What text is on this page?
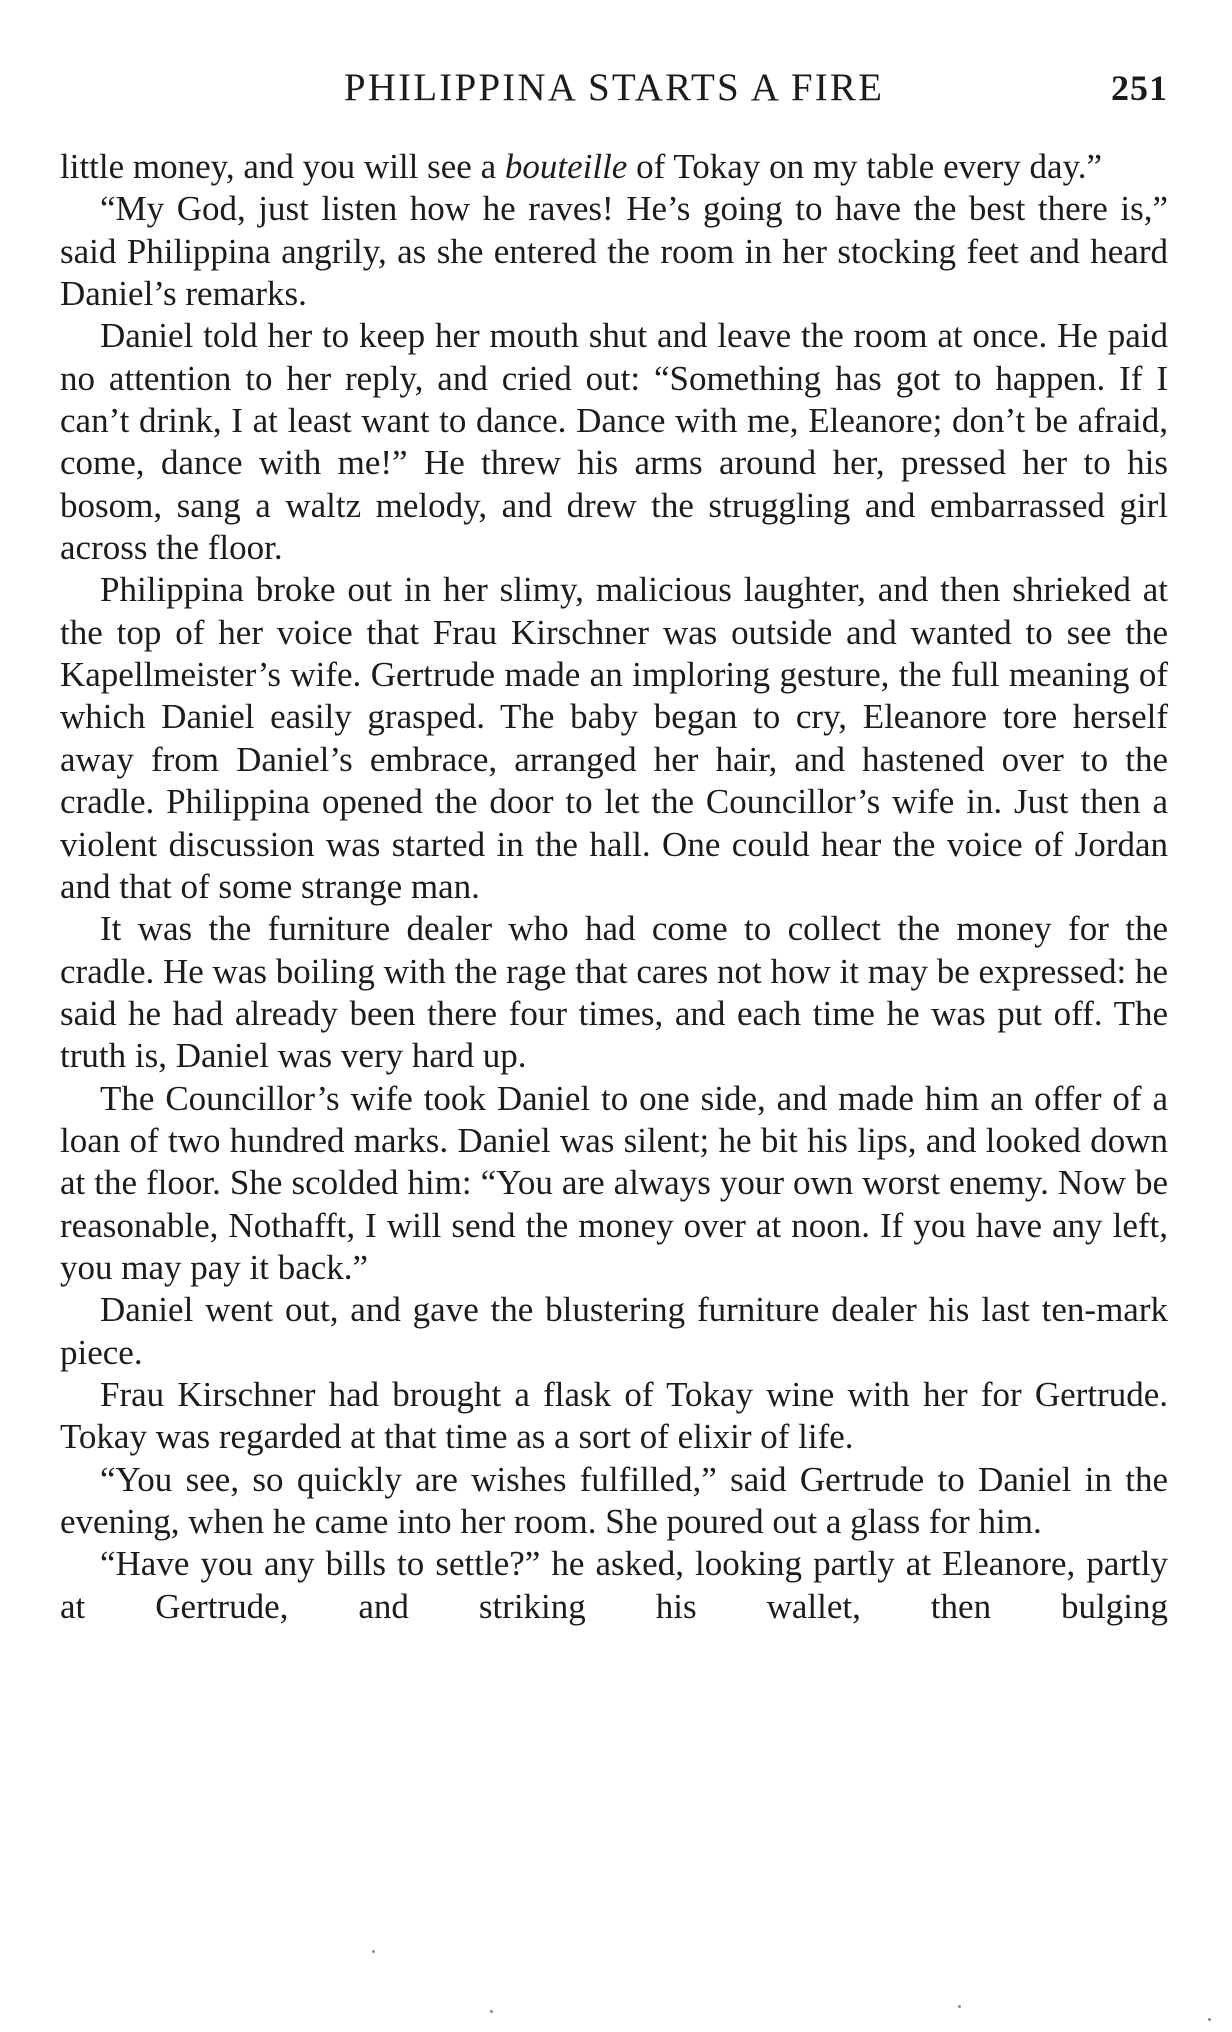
PHILIPPINA STARTS A FIRE	251

little money, and you will see a bouteille of Tokay on my table every day.”

“My God, just listen how he raves! He’s going to have the best there is,” said Philippina angrily, as she entered the room in her stocking feet and heard Daniel’s remarks.

Daniel told her to keep her mouth shut and leave the room at once. He paid no attention to her reply, and cried out: “Something has got to happen. If I can’t drink, I at least want to dance. Dance with me, Eleanore; don’t be afraid, come, dance with me!” He threw his arms around her, pressed her to his bosom, sang a waltz melody, and drew the struggling and embarrassed girl across the floor.

Philippina broke out in her slimy, malicious laughter, and then shrieked at the top of her voice that Frau Kirschner was outside and wanted to see the Kapellmeister’s wife. Gertrude made an imploring gesture, the full meaning of which Daniel easily grasped. The baby began to cry, Eleanore tore herself away from Daniel’s embrace, arranged her hair, and hastened over to the cradle. Philippina opened the door to let the Councillor’s wife in. Just then a violent discussion was started in the hall. One could hear the voice of Jordan and that of some strange man.

It was the furniture dealer who had come to collect the money for the cradle. He was boiling with the rage that cares not how it may be expressed: he said he had already been there four times, and each time he was put off. The truth is, Daniel was very hard up.

The Councillor’s wife took Daniel to one side, and made him an offer of a loan of two hundred marks. Daniel was silent; he bit his lips, and looked down at the floor. She scolded him: “You are always your own worst enemy. Now be reasonable, Nothafft, I will send the money over at noon. If you have any left, you may pay it back.”

Daniel went out, and gave the blustering furniture dealer his last ten-mark piece.

Frau Kirschner had brought a flask of Tokay wine with her for Gertrude. Tokay was regarded at that time as a sort of elixir of life.

“You see, so quickly are wishes fulfilled,” said Gertrude to Daniel in the evening, when he came into her room. She poured out a glass for him.

“Have you any bills to settle?” he asked, looking partly at Eleanore, partly at Gertrude, and striking his wallet, then bulging
